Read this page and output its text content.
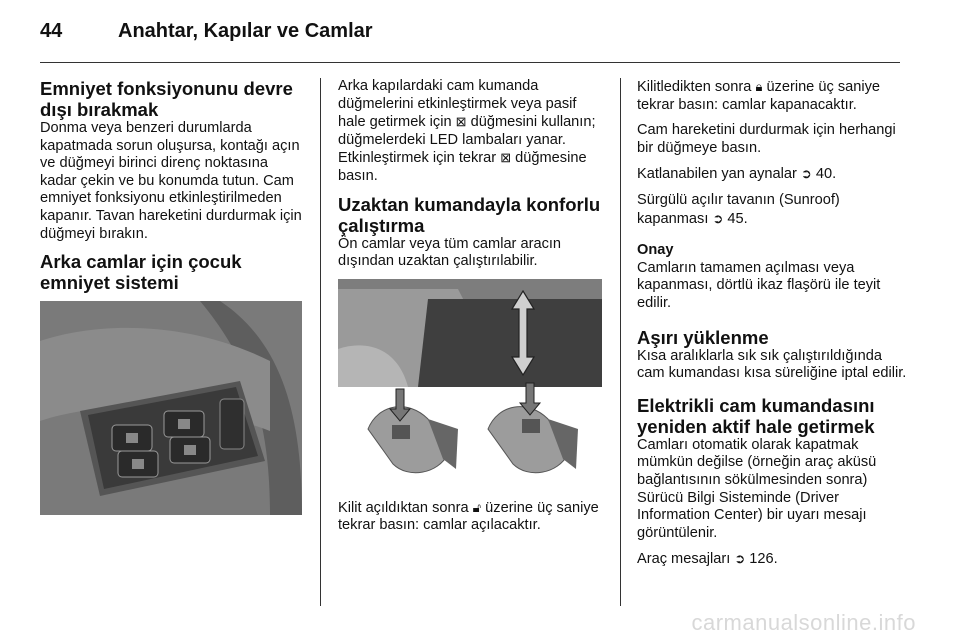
44	Anahtar, Kapılar ve Camlar
Emniyet fonksiyonunu devre dışı bırakmak

Donma veya benzeri durumlarda kapatmada sorun oluşursa, kontağı açın ve düğmeyi birinci direnç noktasına kadar çekin ve bu konumda tutun. Cam emniyet fonksiyonu etkinleştirilmeden kapanır. Tavan hareketini durdurmak için düğmeyi bırakın.

Arka camlar için çocuk emniyet sistemi

Arka kapılardaki cam kumanda düğmelerini etkinleştirmek veya pasif hale getirmek için ⊠ düğmesini kullanın; düğmelerdeki LED lambaları yanar. Etkinleştirmek için tekrar ⊠ düğmesine basın.

Uzaktan kumandayla konforlu çalıştırma

Ön camlar veya tüm camlar aracın dışından uzaktan çalıştırılabilir.

Kilit açıldıktan sonra 🔓︎ üzerine üç saniye tekrar basın: camlar açılacaktır.

Kilitledikten sonra 🔒︎ üzerine üç saniye tekrar basın: camlar kapanacaktır.

Cam hareketini durdurmak için herhangi bir düğmeye basın.

Katlanabilen yan aynalar ➲ 40.

Sürgülü açılır tavanın (Sunroof) kapanması ➲ 45.

Onay

Camların tamamen açılması veya kapanması, dörtlü ikaz flaşörü ile teyit edilir.

Aşırı yüklenme

Kısa aralıklarla sık sık çalıştırıldığında cam kumandası kısa süreliğine iptal edilir.

Elektrikli cam kumandasını yeniden aktif hale getirmek

Camları otomatik olarak kapatmak mümkün değilse (örneğin araç aküsü bağlantısının sökülmesinden sonra) Sürücü Bilgi Sisteminde (Driver Information Center) bir uyarı mesajı görüntülenir.

Araç mesajları ➲ 126.

carmanualsonline.info
